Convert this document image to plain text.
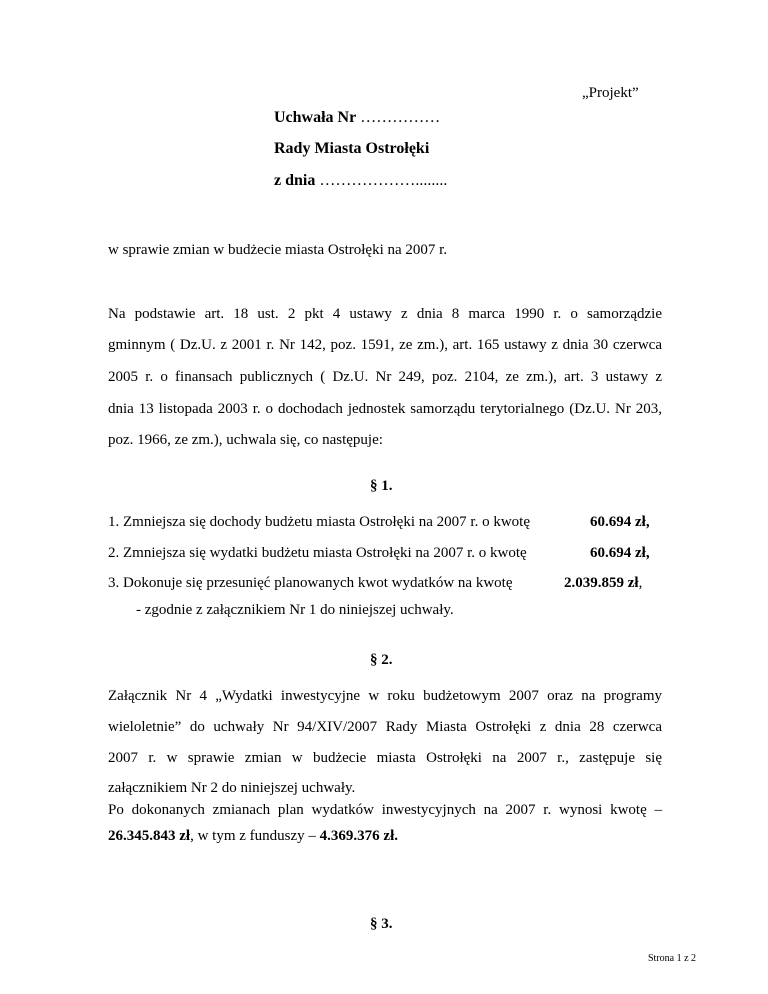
„Projekt”
Uchwała Nr ……………
Rady Miasta Ostrołęki
z dnia ………………........
w sprawie zmian w budżecie miasta Ostrołęki na 2007 r.
Na podstawie art. 18 ust. 2 pkt 4 ustawy z dnia 8 marca 1990 r. o samorządzie
gminnym ( Dz.U. z 2001 r. Nr 142, poz. 1591, ze zm.), art. 165 ustawy z dnia 30 czerwca
2005 r. o finansach publicznych ( Dz.U. Nr 249, poz. 2104, ze zm.), art. 3 ustawy z
dnia 13 listopada 2003 r. o dochodach jednostek samorządu terytorialnego (Dz.U. Nr 203,
poz. 1966, ze zm.), uchwala się, co następuje:
§ 1.
1. Zmniejsza się dochody budżetu miasta Ostrołęki na 2007 r. o kwotę	60.694 zł,
2. Zmniejsza się wydatki budżetu miasta Ostrołęki na 2007 r. o kwotę	60.694 zł,
3. Dokonuje się przesunięć planowanych kwot wydatków na kwotę	2.039.859 zł,
- zgodnie z załącznikiem Nr 1 do niniejszej uchwały.
§ 2.
Załącznik Nr 4 „Wydatki inwestycyjne w roku budżetowym 2007 oraz na programy
wieloletnie” do uchwały Nr 94/XIV/2007 Rady Miasta Ostrołęki z dnia 28 czerwca
2007 r. w sprawie zmian w budżecie miasta Ostrołęki na 2007 r., zastępuje się
załącznikiem Nr 2 do niniejszej uchwały.
Po dokonanych zmianach plan wydatków inwestycyjnych na 2007 r. wynosi kwotę –
26.345.843 zł, w tym z funduszy – 4.369.376 zł.
§ 3.
Strona 1 z 2
